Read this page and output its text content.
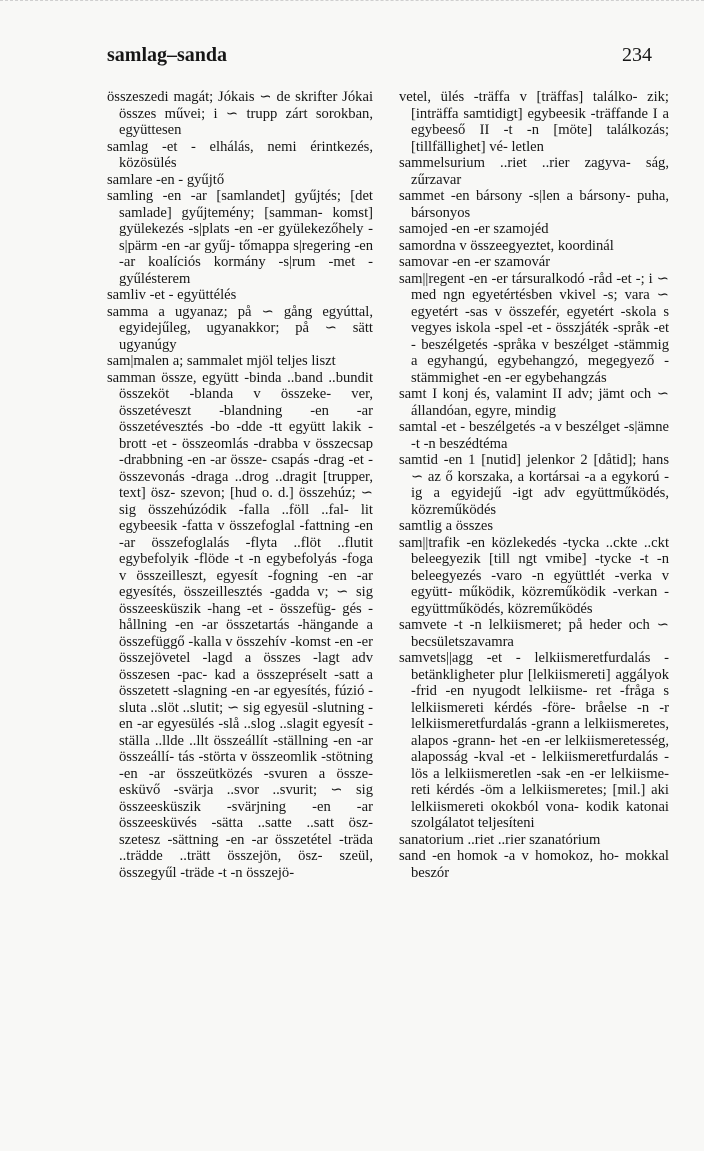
samlag–sanda	234

összeszedi magát; Jókais ∽ de skrifter Jókai összes művei; i ∽ trupp zárt sorokban, együttesen

samlag -et - elhálás, nemi érintkezés, közösülés

samlare -en - gyűjtő

samling -en -ar [samlandet] gyűjtés; [det samlade] gyűjtemény; [samman- komst] gyülekezés -s|plats -en -er gyülekezőhely -s|pärm -en -ar gyűj- tőmappa s|regering -en -ar koalíciós kormány -s|rum -met - gyűlésterem

samliv -et - együttélés

samma a ugyanaz; på ∽ gång egyúttal, egyidejűleg, ugyanakkor; på ∽ sätt ugyanúgy

sam|malen a; sammalet mjöl teljes liszt

samman össze, együtt -binda ..band ..bundit összeköt -blanda v összeke- ver, összetéveszt -blandning -en -ar összetévesztés -bo -dde -tt együtt lakik -brott -et - összeomlás -drabba v összecsap -drabbning -en -ar össze- csapás -drag -et - összevonás -draga ..drog ..dragit [trupper, text] ösz- szevon; [hud o. d.] összehúz; ∽ sig összehúzódik -falla ..föll ..fal- lit egybeesik -fatta v összefoglal -fattning -en -ar összefoglalás -flyta ..flöt ..flutit egybefolyik -flöde -t -n egybefolyás -foga v összeilleszt, egyesít -fogning -en -ar egyesítés, összeillesztés -gadda v; ∽ sig összeesküszik -hang -et - összefüg- gés -hållning -en -ar összetartás -hängande a összefüggő -kalla v összehív -komst -en -er összejövetel -lagd a összes -lagt adv összesen -pac- kad a összepréselt -satt a összetett -slagning -en -ar egyesítés, fúzió -sluta ..slöt ..slutit; ∽ sig egyesül -slutning -en -ar egyesülés -slå ..slog ..slagit egyesít -ställa ..llde ..llt összeállít -ställning -en -ar összeállí- tás -störta v összeomlik -stötning -en -ar összeütközés -svuren a össze- esküvő -svärja ..svor ..svurit; ∽ sig összeesküszik -svärjning -en -ar összeesküvés -sätta ..satte ..satt ösz- szetesz -sättning -en -ar összetétel -träda ..trädde ..trätt összejön, ösz- szeül, összegyűl -träde -t -n összejö-

vetel, ülés -träffa v [träffas] találko- zik; [inträffa samtidigt] egybeesik -träffande I a egybeeső II -t -n [möte] találkozás; [tillfällighet] vé- letlen

sammelsurium ..riet ..rier zagyva- ság, zűrzavar

sammet -en bársony -s|len a bársony- puha, bársonyos

samojed -en -er szamojéd

samordna v összeegyeztet, koordinál

samovar -en -er szamovár

sam||regent -en -er társuralkodó -råd -et -; i ∽ med ngn egyetértésben vkivel -s; vara ∽ egyetért -sas v összefér, egyetért -skola s vegyes iskola -spel -et - összjáték -språk -et - beszélgetés -språka v beszélget -stämmig a egyhangú, egybehangzó, megegyező -stämmighet -en -er egybehangzás

samt I konj és, valamint II adv; jämt och ∽ állandóan, egyre, mindig

samtal -et - beszélgetés -a v beszélget -s|ämne -t -n beszédtéma

samtid -en 1 [nutid] jelenkor 2 [dåtid]; hans ∽ az ő korszaka, a kortársai -a a egykorú -ig a egyidejű -igt adv együttműködés, közreműködés

samtlig a összes

sam||trafik -en közlekedés -tycka ..ckte ..ckt beleegyezik [till ngt vmibe] -tycke -t -n beleegyezés -varo -n együttlét -verka v együtt- működik, közreműködik -verkan - együttműködés, közreműködés

samvete -t -n lelkiismeret; på heder och ∽ becsületszavamra

samvets||agg -et - lelkiismeretfurdalás -betänkligheter plur [lelkiismereti] aggályok -frid -en nyugodt lelkiisme- ret -fråga s lelkiismereti kérdés -före- bråelse -n -r lelkiismeretfurdalás -grann a lelkiismeretes, alapos -grann- het -en -er lelkiismeretesség, alaposság -kval -et - lelkiismeretfurdalás -lös a lelkiismeretlen -sak -en -er lelkiisme- reti kérdés -öm a lelkiismeretes; [mil.] aki lelkiismereti okokból vona- kodik katonai szolgálatot teljesíteni

sanatorium ..riet ..rier szanatórium

sand -en homok -a v homokoz, ho- mokkal beszór
